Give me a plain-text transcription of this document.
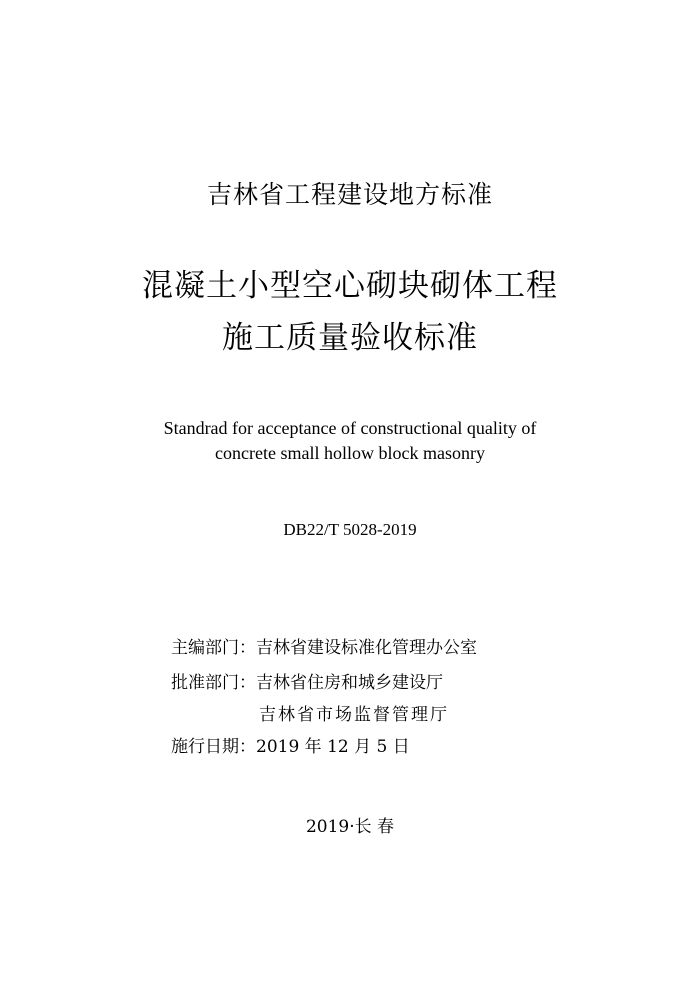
吉林省工程建设地方标准
混凝土小型空心砌块砌体工程
施工质量验收标准
Standrad for acceptance of constructional quality of
concrete small hollow block masonry
DB22/T 5028-2019
主编部门：吉林省建设标准化管理办公室
批准部门：吉林省住房和城乡建设厅
吉林省市场监督管理厅
施行日期：2019 年 12 月 5 日
2019·长 春
